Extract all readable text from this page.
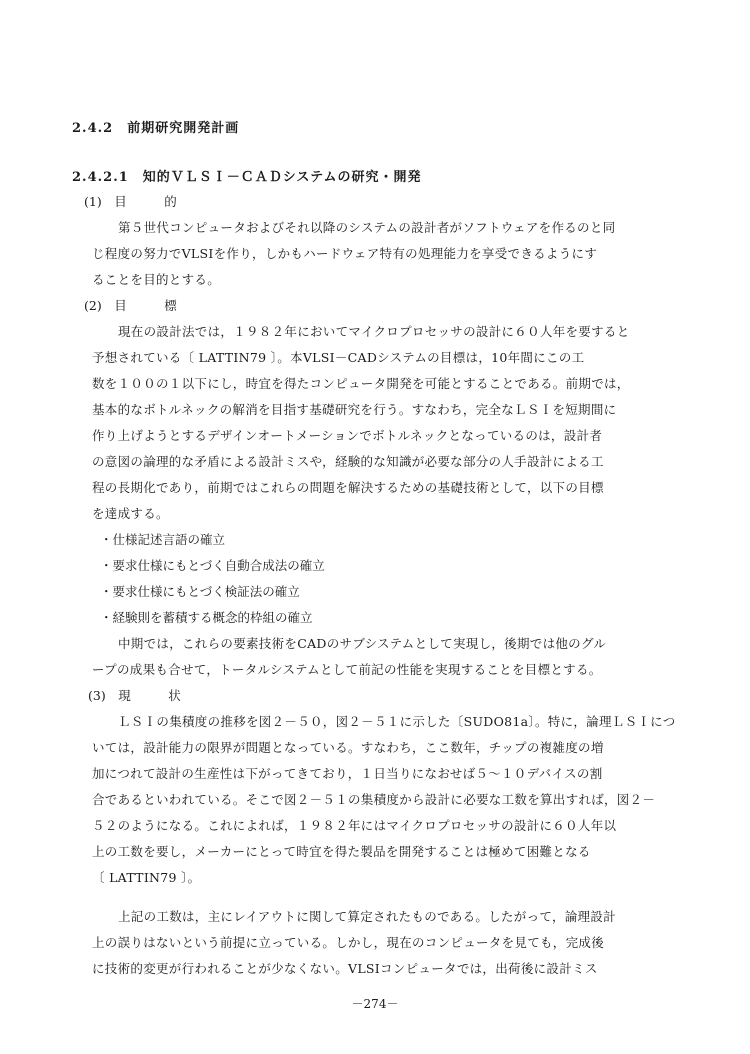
2.4.2　前期研究開発計画
2.4.2.1　知的ＶＬＳＩ－ＣＡＤシステムの研究・開発
(1)　目　　　的
第５世代コンピュータおよびそれ以降のシステムの設計者がソフトウェアを作るのと同
じ程度の努力でVLSIを作り，しかもハードウェア特有の処理能力を享受できるようにす
ることを目的とする。
(2)　目　　　標
現在の設計法では，１９８２年においてマイクロプロセッサの設計に６０人年を要すると
予想されている〔 LATTIN79 〕。本VLSI－CADシステムの目標は，10年間にこの工
数を１００の１以下にし，時宜を得たコンピュータ開発を可能とすることである。前期では，
基本的なボトルネックの解消を目指す基礎研究を行う。すなわち，完全なＬＳＩを短期間に
作り上げようとするデザインオートメーションでボトルネックとなっているのは，設計者
の意図の論理的な矛盾による設計ミスや，経験的な知識が必要な部分の人手設計による工
程の長期化であり，前期ではこれらの問題を解決するための基礎技術として，以下の目標
を達成する。
・仕様記述言語の確立
・要求仕様にもとづく自動合成法の確立
・要求仕様にもとづく検証法の確立
・経験則を蓄積する概念的枠組の確立
中期では，これらの要素技術をCADのサブシステムとして実現し，後期では他のグル
ープの成果も合せて，トータルシステムとして前記の性能を実現することを目標とする。
(3)　現　　　状
ＬＳＩの集積度の推移を図２－５０，図２－５１に示した〔SUDO81a〕。特に，論理ＬＳＩにつ
いては，設計能力の限界が問題となっている。すなわち，ここ数年，チップの複雑度の増
加につれて設計の生産性は下がってきており，１日当りになおせば５～１０デバイスの割
合であるといわれている。そこで図２－５１の集積度から設計に必要な工数を算出すれば，図２－
５２のようになる。これによれば，１９８２年にはマイクロプロセッサの設計に６０人年以
上の工数を要し，メーカーにとって時宜を得た製品を開発することは極めて困難となる
〔 LATTIN79 〕。
上記の工数は，主にレイアウトに関して算定されたものである。したがって，論理設計
上の誤りはないという前提に立っている。しかし，現在のコンピュータを見ても，完成後
に技術的変更が行われることが少なくない。VLSIコンピュータでは，出荷後に設計ミス
－274－
